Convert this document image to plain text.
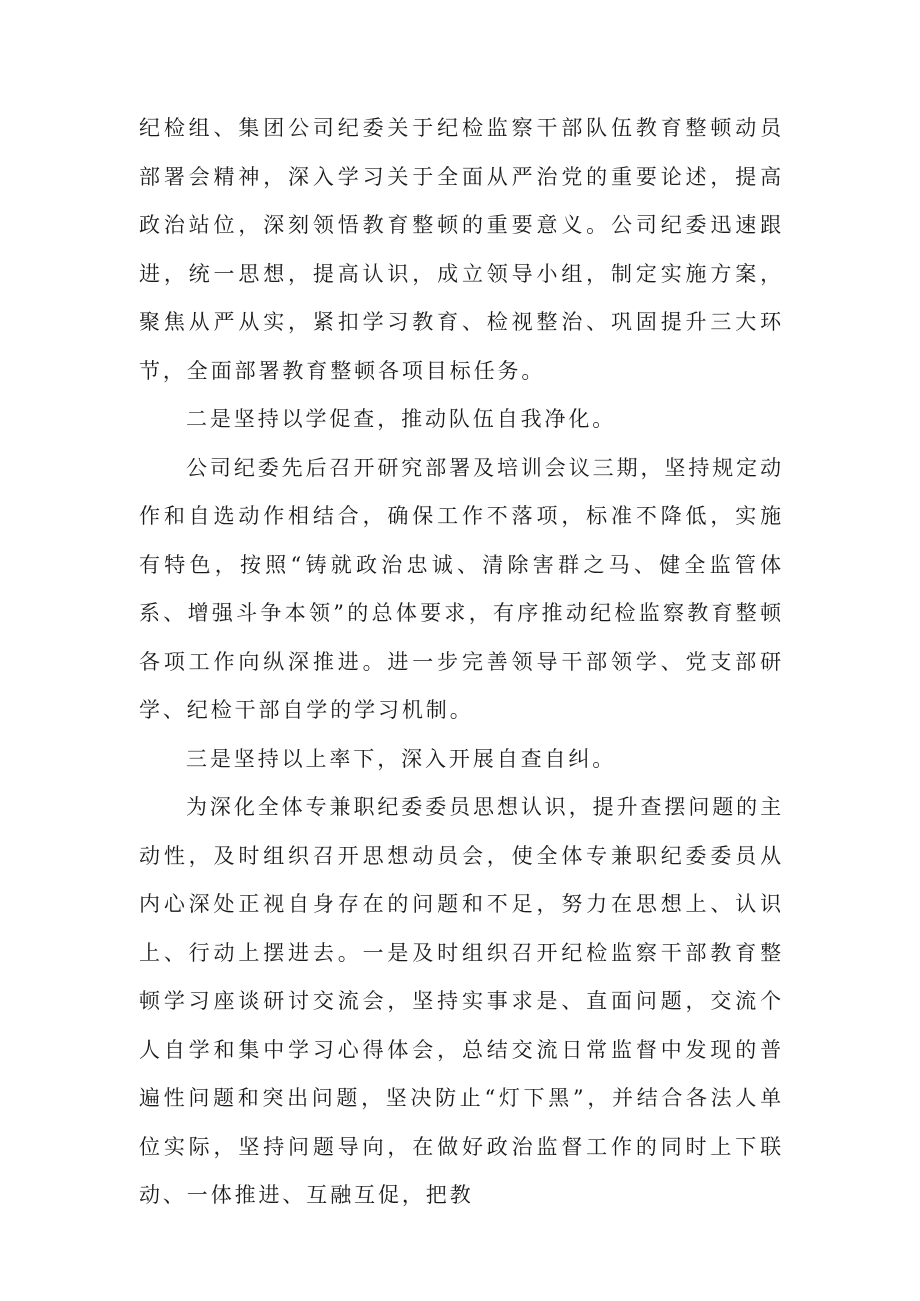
纪检组、集团公司纪委关于纪检监察干部队伍教育整顿动员部署会精神，深入学习关于全面从严治党的重要论述，提高政治站位，深刻领悟教育整顿的重要意义。公司纪委迅速跟进，统一思想，提高认识，成立领导小组，制定实施方案，聚焦从严从实，紧扣学习教育、检视整治、巩固提升三大环节，全面部署教育整顿各项目标任务。

二是坚持以学促查，推动队伍自我净化。

公司纪委先后召开研究部署及培训会议三期，坚持规定动作和自选动作相结合，确保工作不落项，标准不降低，实施有特色，按照“铸就政治忠诚、清除害群之马、健全监管体系、增强斗争本领”的总体要求，有序推动纪检监察教育整顿各项工作向纵深推进。进一步完善领导干部领学、党支部研学、纪检干部自学的学习机制。

三是坚持以上率下，深入开展自查自纠。

为深化全体专兼职纪委委员思想认识，提升查摆问题的主动性，及时组织召开思想动员会，使全体专兼职纪委委员从内心深处正视自身存在的问题和不足，努力在思想上、认识上、行动上摆进去。一是及时组织召开纪检监察干部教育整顿学习座谈研讨交流会，坚持实事求是、直面问题，交流个人自学和集中学习心得体会，总结交流日常监督中发现的普遍性问题和突出问题，坚决防止“灯下黑”，并结合各法人单位实际，坚持问题导向，在做好政治监督工作的同时上下联动、一体推进、互融互促，把教
